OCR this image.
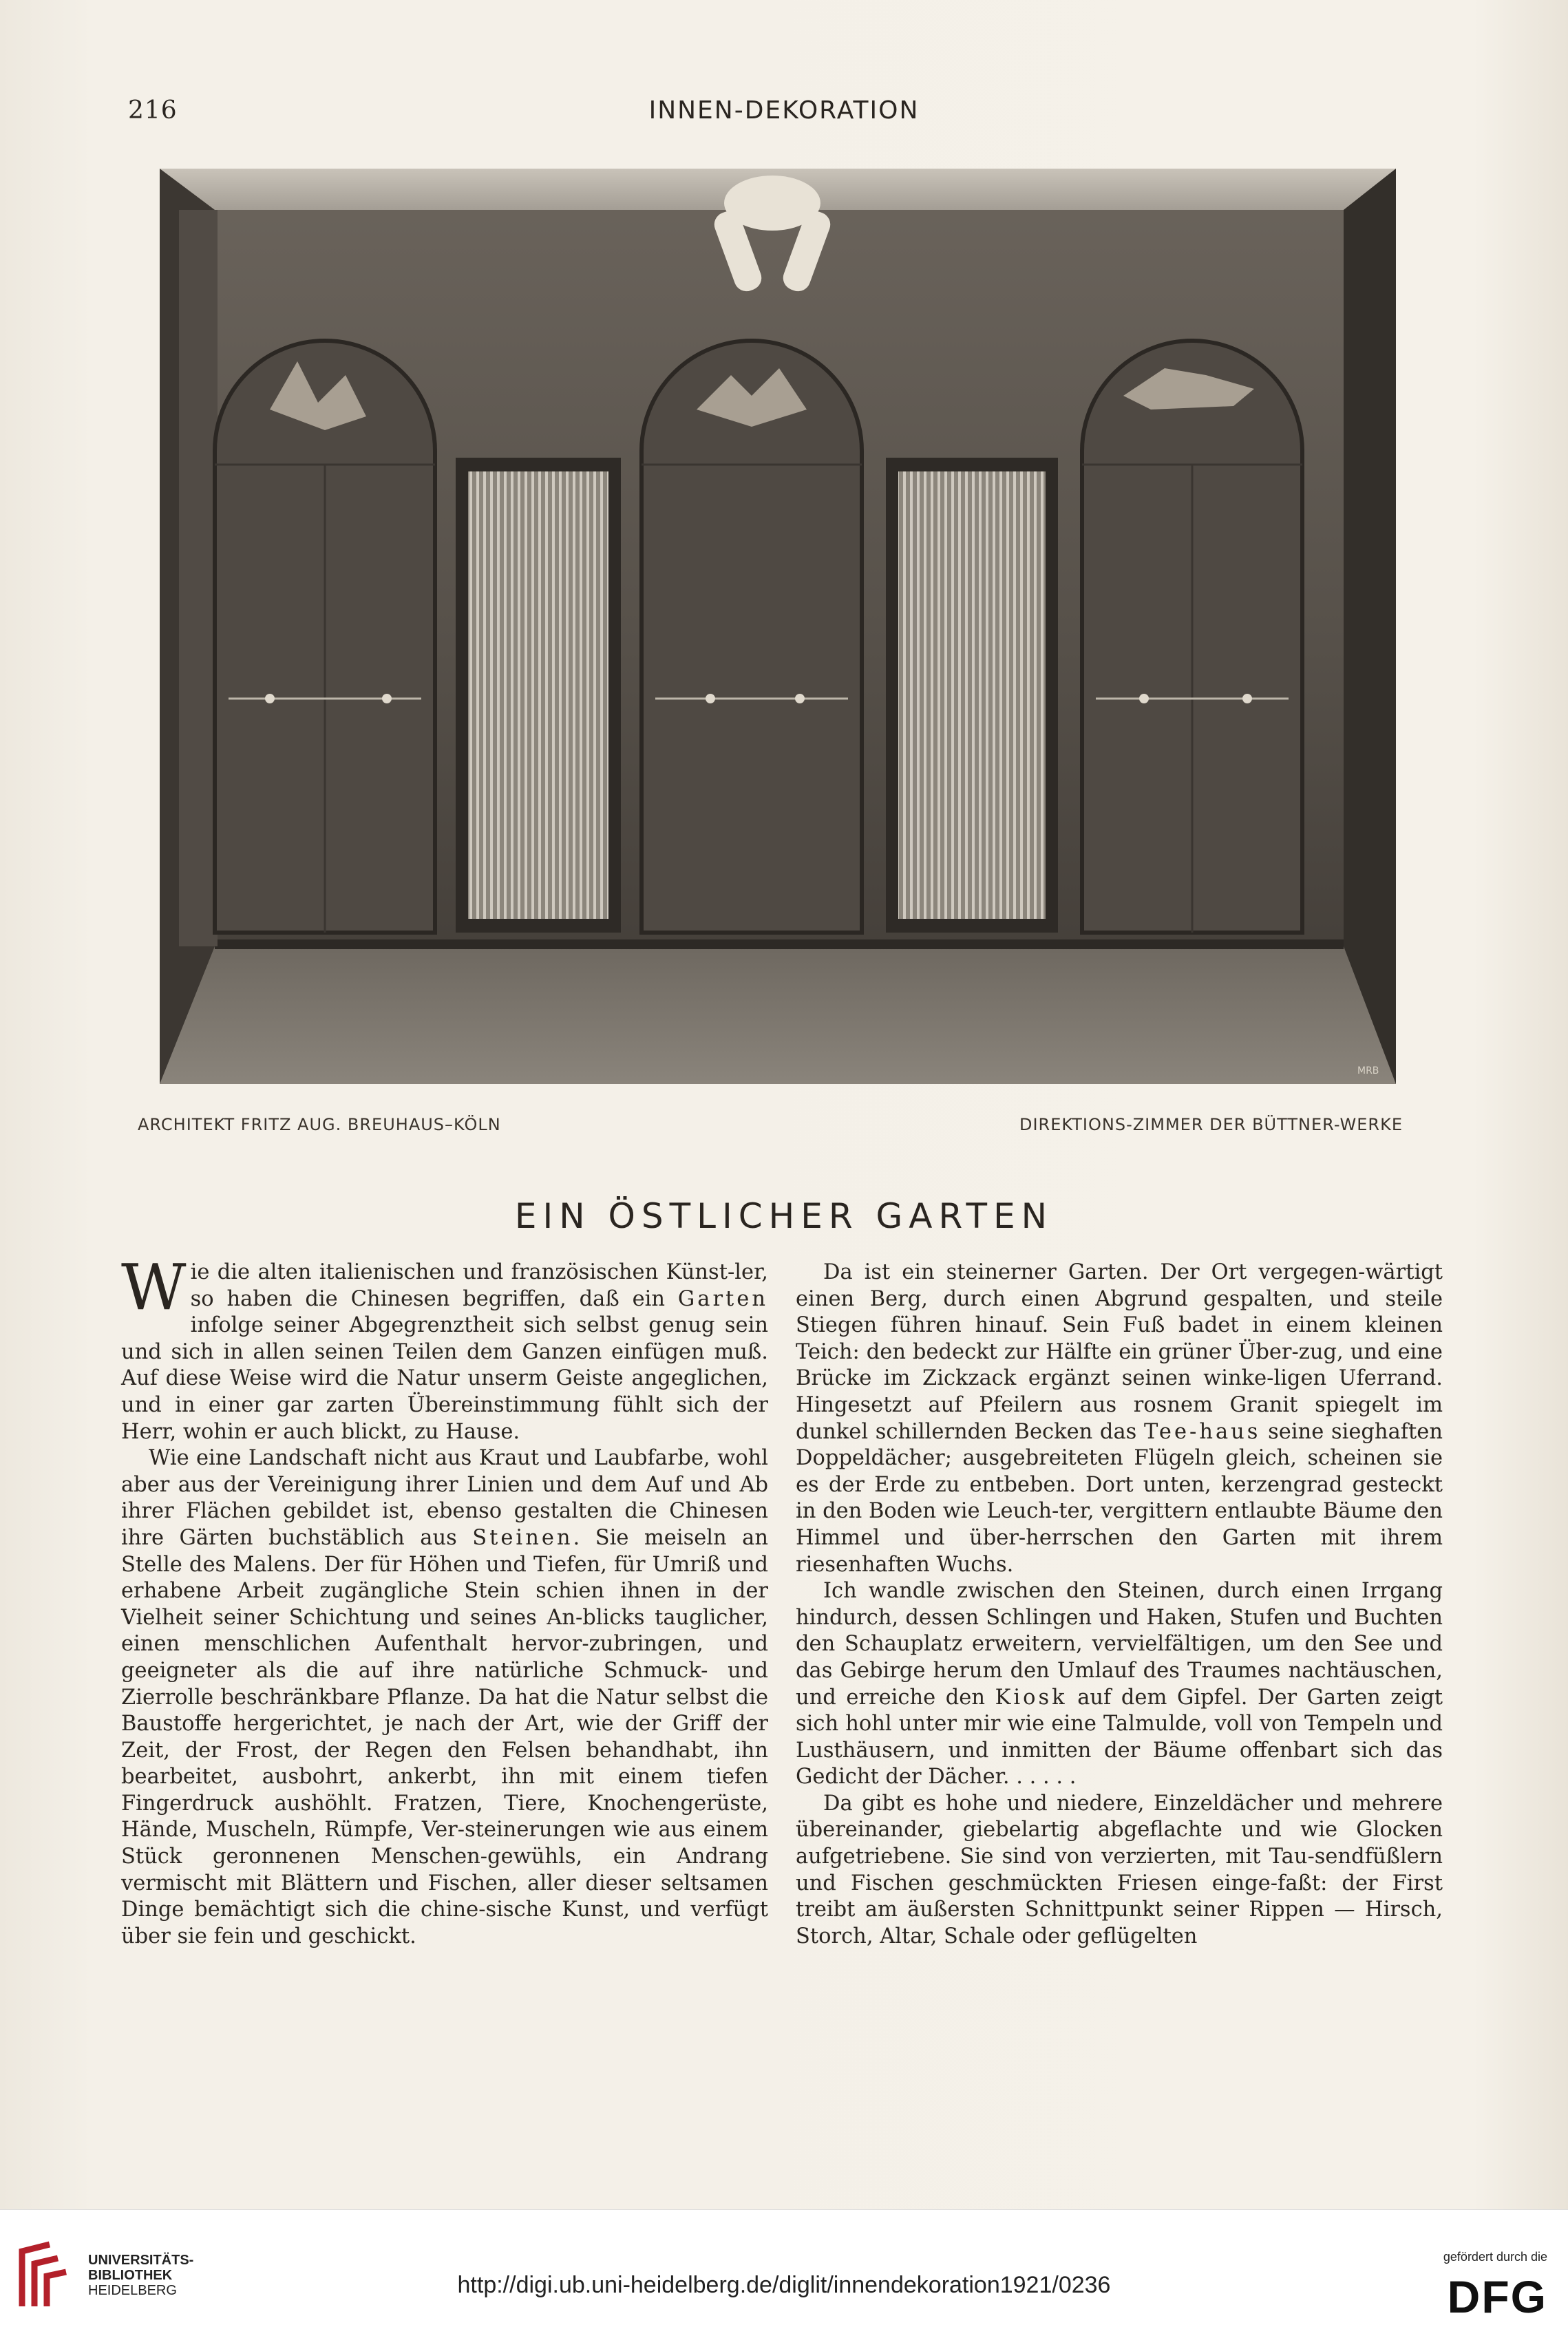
216	INNEN-DEKORATION
MRB
ARCHITEKT FRITZ AUG. BREUHAUS–KÖLN	DIREKTIONS-ZIMMER DER BÜTTNER-WERKE
EIN ÖSTLICHER GARTEN

Wie die alten italienischen und französischen Künst-ler, so haben die Chinesen begriffen, daß ein Garten infolge seiner Abgegrenztheit sich selbst genug sein und sich in allen seinen Teilen dem Ganzen einfügen muß. Auf diese Weise wird die Natur unserm Geiste angeglichen, und in einer gar zarten Übereinstimmung fühlt sich der Herr, wohin er auch blickt, zu Hause.

Wie eine Landschaft nicht aus Kraut und Laubfarbe, wohl aber aus der Vereinigung ihrer Linien und dem Auf und Ab ihrer Flächen gebildet ist, ebenso gestalten die Chinesen ihre Gärten buchstäblich aus Steinen. Sie meiseln an Stelle des Malens. Der für Höhen und Tiefen, für Umriß und erhabene Arbeit zugängliche Stein schien ihnen in der Vielheit seiner Schichtung und seines An-blicks tauglicher, einen menschlichen Aufenthalt hervor-zubringen, und geeigneter als die auf ihre natürliche Schmuck- und Zierrolle beschränkbare Pflanze. Da hat die Natur selbst die Baustoffe hergerichtet, je nach der Art, wie der Griff der Zeit, der Frost, der Regen den Felsen behandhabt, ihn bearbeitet, ausbohrt, ankerbt, ihn mit einem tiefen Fingerdruck aushöhlt. Fratzen, Tiere, Knochengerüste, Hände, Muscheln, Rümpfe, Ver-steinerungen wie aus einem Stück geronnenen Menschen-gewühls, ein Andrang vermischt mit Blättern und Fischen, aller dieser seltsamen Dinge bemächtigt sich die chine-sische Kunst, und verfügt über sie fein und geschickt.

Da ist ein steinerner Garten. Der Ort vergegen-wärtigt einen Berg, durch einen Abgrund gespalten, und steile Stiegen führen hinauf. Sein Fuß badet in einem kleinen Teich: den bedeckt zur Hälfte ein grüner Über-zug, und eine Brücke im Zickzack ergänzt seinen winke-ligen Uferrand. Hingesetzt auf Pfeilern aus rosnem Granit spiegelt im dunkel schillernden Becken das Tee-haus seine sieghaften Doppeldächer; ausgebreiteten Flügeln gleich, scheinen sie es der Erde zu entbeben. Dort unten, kerzengrad gesteckt in den Boden wie Leuch-ter, vergittern entlaubte Bäume den Himmel und über-herrschen den Garten mit ihrem riesenhaften Wuchs.

Ich wandle zwischen den Steinen, durch einen Irrgang hindurch, dessen Schlingen und Haken, Stufen und Buchten den Schauplatz erweitern, vervielfältigen, um den See und das Gebirge herum den Umlauf des Traumes nachtäuschen, und erreiche den Kiosk auf dem Gipfel. Der Garten zeigt sich hohl unter mir wie eine Talmulde, voll von Tempeln und Lusthäusern, und inmitten der Bäume offenbart sich das Gedicht der Dächer. . . . . .

Da gibt es hohe und niedere, Einzeldächer und mehrere übereinander, giebelartig abgeflachte und wie Glocken aufgetriebene. Sie sind von verzierten, mit Tau-sendfüßlern und Fischen geschmückten Friesen einge-faßt: der First treibt am äußersten Schnittpunkt seiner Rippen — Hirsch, Storch, Altar, Schale oder geflügelten

UNIVERSITÄTS-
BIBLIOTHEK
HEIDELBERG	http://digi.ub.uni-heidelberg.de/diglit/innendekoration1921/0236
gefördert durch die
DFG
